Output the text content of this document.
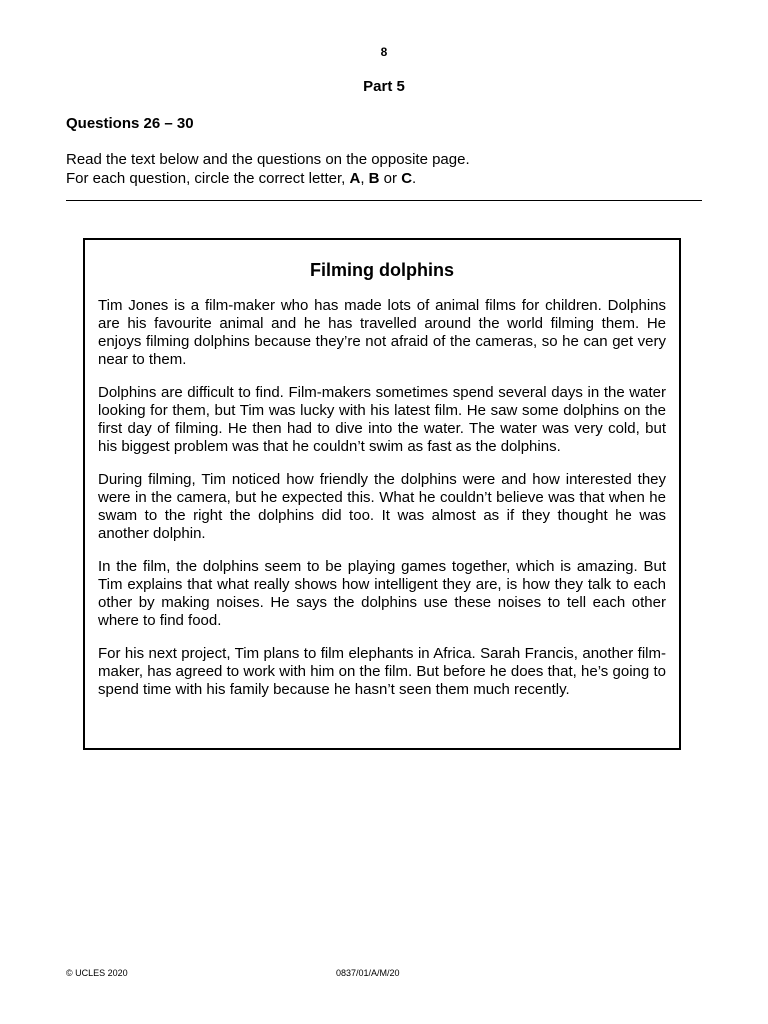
8
Part 5
Questions 26 – 30

Read the text below and the questions on the opposite page.

For each question, circle the correct letter, A, B or C.

Filming dolphins

Tim Jones is a film-maker who has made lots of animal films for children. Dolphins are his favourite animal and he has travelled around the world filming them. He enjoys filming dolphins because they’re not afraid of the cameras, so he can get very near to them.

Dolphins are difficult to find. Film-makers sometimes spend several days in the water looking for them, but Tim was lucky with his latest film. He saw some dolphins on the first day of filming. He then had to dive into the water. The water was very cold, but his biggest problem was that he couldn’t swim as fast as the dolphins.

During filming, Tim noticed how friendly the dolphins were and how interested they were in the camera, but he expected this. What he couldn’t believe was that when he swam to the right the dolphins did too. It was almost as if they thought he was another dolphin.

In the film, the dolphins seem to be playing games together, which is amazing. But Tim explains that what really shows how intelligent they are, is how they talk to each other by making noises. He says the dolphins use these noises to tell each other where to find food.

For his next project, Tim plans to film elephants in Africa. Sarah Francis, another film-maker, has agreed to work with him on the film. But before he does that, he’s going to spend time with his family because he hasn’t seen them much recently.

© UCLES 2020	0837/01/A/M/20
